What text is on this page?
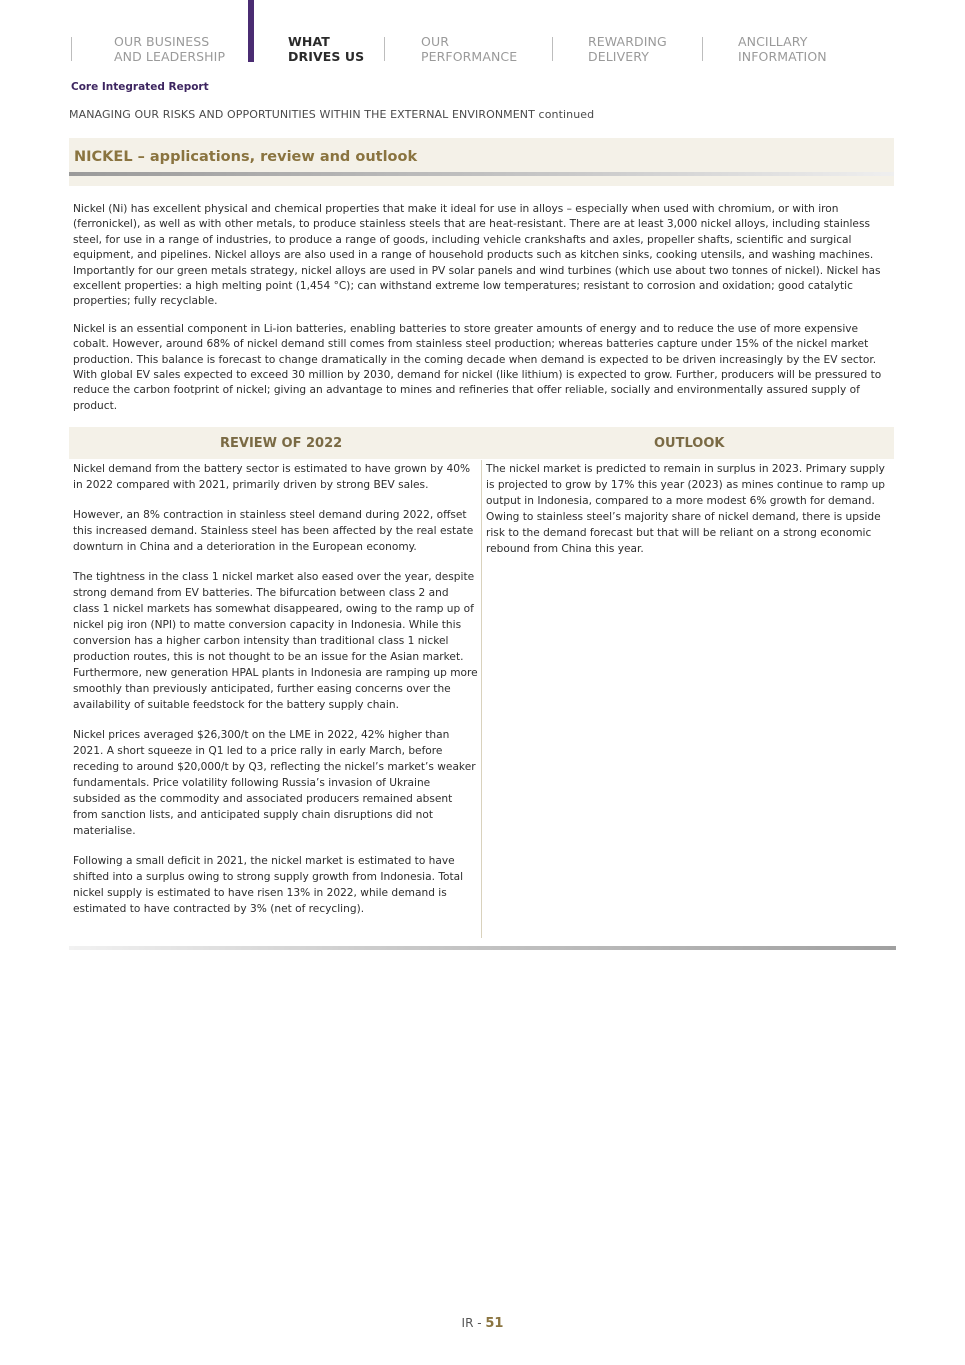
OUR BUSINESS
AND LEADERSHIP
WHAT
DRIVES US
OUR
PERFORMANCE
REWARDING
DELIVERY
ANCILLARY
INFORMATION
Core Integrated Report
MANAGING OUR RISKS AND OPPORTUNITIES WITHIN THE EXTERNAL ENVIRONMENT continued
NICKEL – applications, review and outlook

Nickel (Ni) has excellent physical and chemical properties that make it ideal for use in alloys – especially when used with chromium, or with iron (ferronickel), as well as with other metals, to produce stainless steels that are heat-resistant. There are at least 3,000 nickel alloys, including stainless steel, for use in a range of industries, to produce a range of goods, including vehicle crankshafts and axles, propeller shafts, scientific and surgical equipment, and pipelines. Nickel alloys are also used in a range of household products such as kitchen sinks, cooking utensils, and washing machines. Importantly for our green metals strategy, nickel alloys are used in PV solar panels and wind turbines (which use about two tonnes of nickel). Nickel has excellent properties: a high melting point (1,454 °C); can withstand extreme low temperatures; resistant to corrosion and oxidation; good catalytic properties; fully recyclable.

Nickel is an essential component in Li-ion batteries, enabling batteries to store greater amounts of energy and to reduce the use of more expensive cobalt. However, around 68% of nickel demand still comes from stainless steel production; whereas batteries capture under 15% of the nickel market production. This balance is forecast to change dramatically in the coming decade when demand is expected to be driven increasingly by the EV sector. With global EV sales expected to exceed 30 million by 2030, demand for nickel (like lithium) is expected to grow. Further, producers will be pressured to reduce the carbon footprint of nickel; giving an advantage to mines and refineries that offer reliable, socially and environmentally assured supply of product.

REVIEW OF 2022	OUTLOOK

Nickel demand from the battery sector is estimated to have grown by 40% in 2022 compared with 2021, primarily driven by strong BEV sales.

However, an 8% contraction in stainless steel demand during 2022, offset this increased demand. Stainless steel has been affected by the real estate downturn in China and a deterioration in the European economy.

The tightness in the class 1 nickel market also eased over the year, despite strong demand from EV batteries. The bifurcation between class 2 and class 1 nickel markets has somewhat disappeared, owing to the ramp up of nickel pig iron (NPI) to matte conversion capacity in Indonesia. While this conversion has a higher carbon intensity than traditional class 1 nickel production routes, this is not thought to be an issue for the Asian market. Furthermore, new generation HPAL plants in Indonesia are ramping up more smoothly than previously anticipated, further easing concerns over the availability of suitable feedstock for the battery supply chain.

Nickel prices averaged $26,300/t on the LME in 2022, 42% higher than 2021. A short squeeze in Q1 led to a price rally in early March, before receding to around $20,000/t by Q3, reflecting the nickel’s market’s weaker fundamentals. Price volatility following Russia’s invasion of Ukraine subsided as the commodity and associated producers remained absent from sanction lists, and anticipated supply chain disruptions did not materialise.

Following a small deficit in 2021, the nickel market is estimated to have shifted into a surplus owing to strong supply growth from Indonesia. Total nickel supply is estimated to have risen 13% in 2022, while demand is estimated to have contracted by 3% (net of recycling).

The nickel market is predicted to remain in surplus in 2023. Primary supply is projected to grow by 17% this year (2023) as mines continue to ramp up output in Indonesia, compared to a more modest 6% growth for demand. Owing to stainless steel’s majority share of nickel demand, there is upside risk to the demand forecast but that will be reliant on a strong economic rebound from China this year.

IR - 51
